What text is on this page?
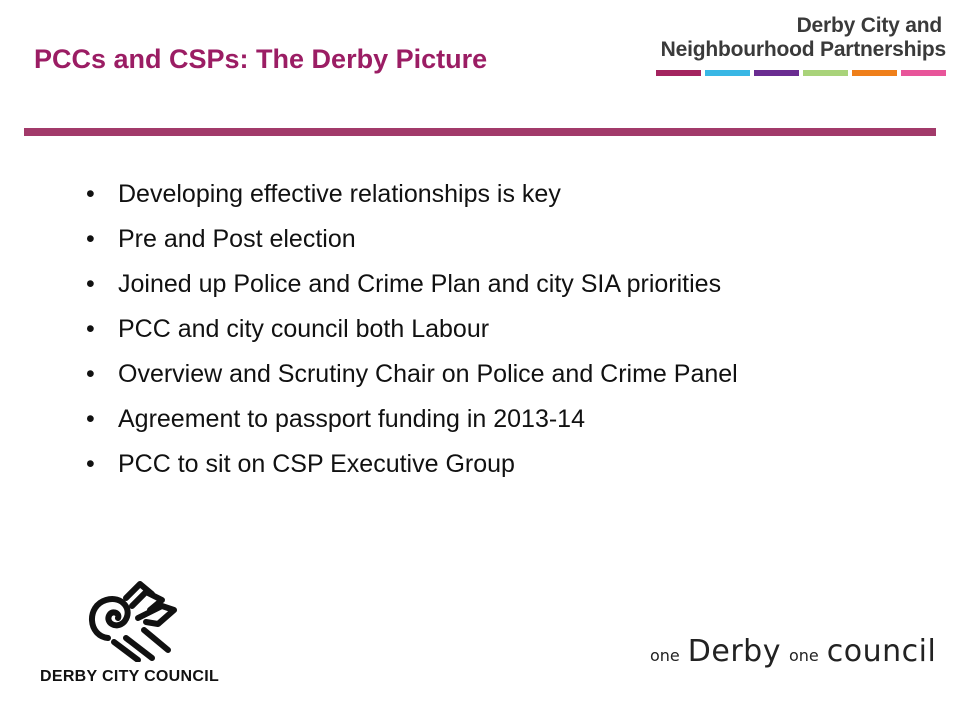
PCCs and CSPs: The Derby Picture
Derby City and
Neighbourhood Partnerships
• Developing effective relationships is key
• Pre and Post election
• Joined up Police and Crime Plan and city SIA priorities
• PCC and city council both Labour
• Overview and Scrutiny Chair on Police and Crime Panel
• Agreement to passport funding in 2013-14
• PCC to sit on CSP Executive Group
DERBY CITY COUNCIL
one Derby one council
